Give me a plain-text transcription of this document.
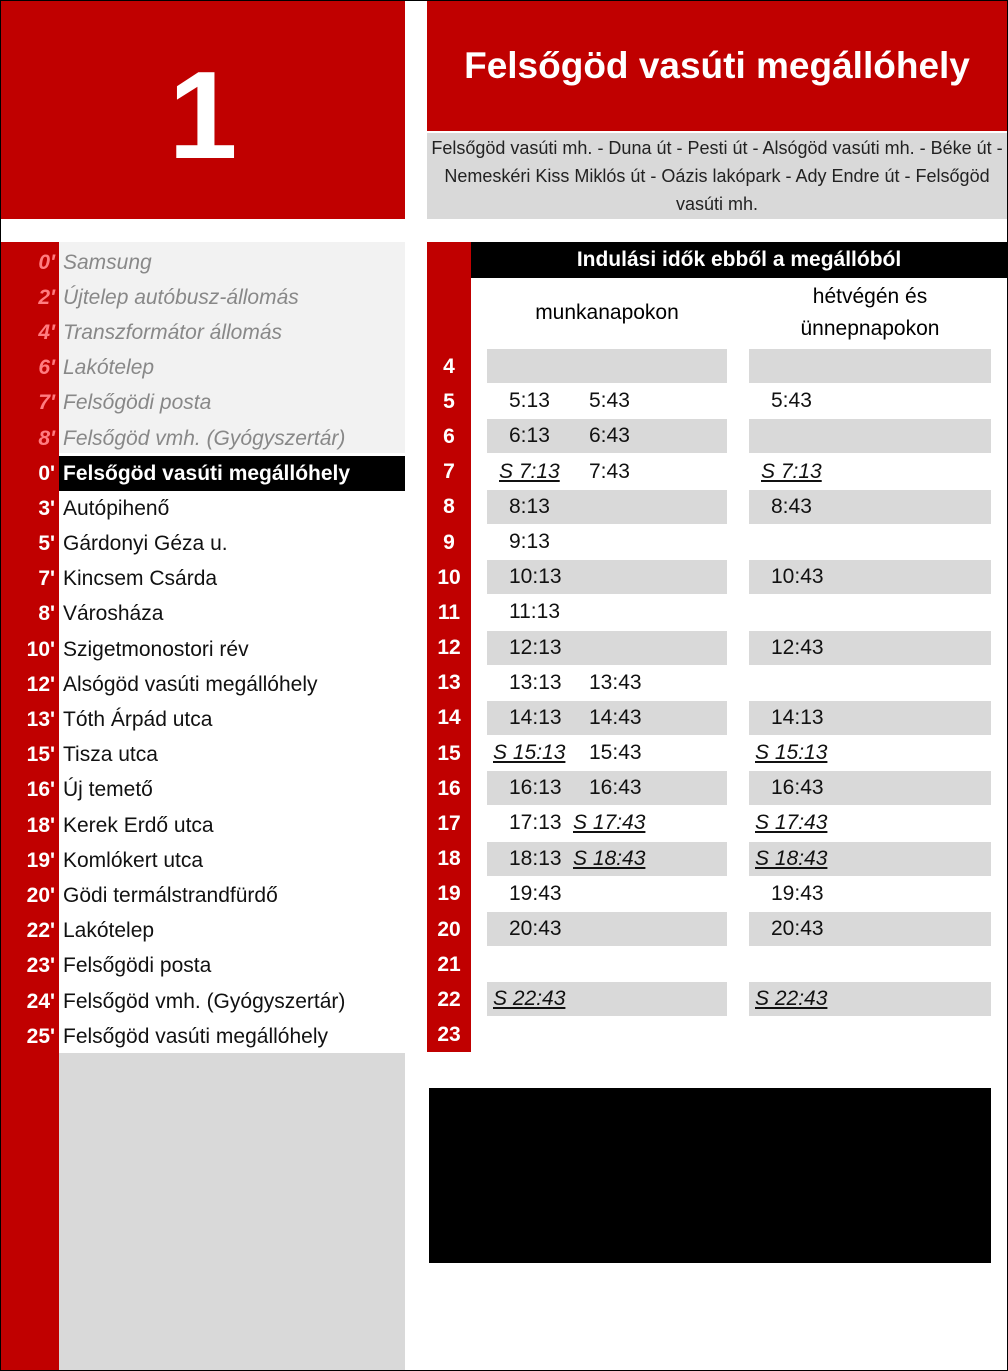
1	Felsőgöd vasúti megállóhely
Felsőgöd vasúti mh. - Duna út - Pesti út - Alsógöd vasúti mh. - Béke út - Nemeskéri Kiss Miklós út - Oázis lakópark - Ady Endre út - Felsőgöd vasúti mh.
0' Samsung
2' Újtelep autóbusz-állomás
4' Transzformátor állomás
6' Lakótelep
7' Felsőgödi posta
8' Felsőgöd vmh. (Gyógyszertár)
0' Felsőgöd vasúti megállóhely
3' Autópihenő
5' Gárdonyi Géza u.
7' Kincsem Csárda
8' Városháza
10' Szigetmonostori rév
12' Alsógöd vasúti megállóhely
13' Tóth Árpád utca
15' Tisza utca
16' Új temető
18' Kerek Erdő utca
19' Komlókert utca
20' Gödi termálstrandfürdő
22' Lakótelep
23' Felsőgödi posta
24' Felsőgöd vmh. (Gyógyszertár)
25' Felsőgöd vasúti megállóhely
Indulási idők ebből a megállóból
munkanapokon
hétvégén és ünnepnapokon
4
5	5:13 5:43	5:43
6	6:13 6:43
7	S 7:13 7:43	S 7:13
8	8:13	8:43
9	9:13
10	10:13	10:43
11	11:13
12	12:13	12:43
13	13:13 13:43
14	14:13 14:43	14:13
15	S 15:13 15:43	S 15:13
16	16:13 16:43	16:43
17	17:13 S 17:43	S 17:43
18	18:13 S 18:43	S 18:43
19	19:43	19:43
20	20:43	20:43
21
22	S 22:43	S 22:43
23
